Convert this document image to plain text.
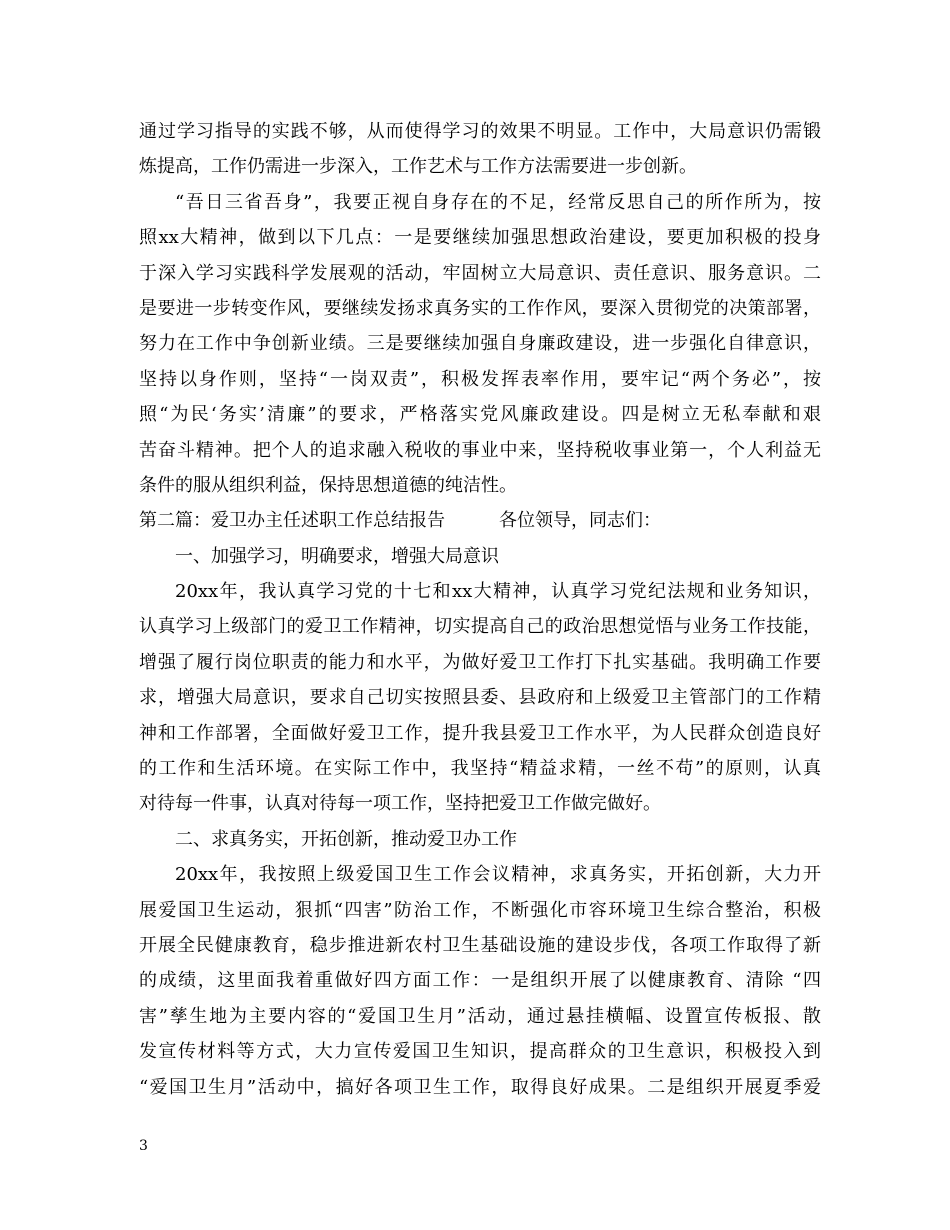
通过学习指导的实践不够，从而使得学习的效果不明显。工作中，大局意识仍需锻
炼提高，工作仍需进一步深入，工作艺术与工作方法需要进一步创新。
“吾日三省吾身”，我要正视自身存在的不足，经常反思自己的所作所为，按
照xx大精神，做到以下几点：一是要继续加强思想政治建设，要更加积极的投身
于深入学习实践科学发展观的活动，牢固树立大局意识、责任意识、服务意识。二
是要进一步转变作风，要继续发扬求真务实的工作作风，要深入贯彻党的决策部署，
努力在工作中争创新业绩。三是要继续加强自身廉政建设，进一步强化自律意识，
坚持以身作则，坚持“一岗双责”，积极发挥表率作用，要牢记“两个务必”，按
照“为民‘务实’清廉”的要求，严格落实党风廉政建设。四是树立无私奉献和艰
苦奋斗精神。把个人的追求融入税收的事业中来，坚持税收事业第一，个人利益无
条件的服从组织利益，保持思想道德的纯洁性。
第二篇：爱卫办主任述职工作总结报告　　　各位领导，同志们：
一、加强学习，明确要求，增强大局意识
20xx年，我认真学习党的十七和xx大精神，认真学习党纪法规和业务知识，
认真学习上级部门的爱卫工作精神，切实提高自己的政治思想觉悟与业务工作技能，
增强了履行岗位职责的能力和水平，为做好爱卫工作打下扎实基础。我明确工作要
求，增强大局意识，要求自己切实按照县委、县政府和上级爱卫主管部门的工作精
神和工作部署，全面做好爱卫工作，提升我县爱卫工作水平，为人民群众创造良好
的工作和生活环境。在实际工作中，我坚持“精益求精，一丝不苟”的原则，认真
对待每一件事，认真对待每一项工作，坚持把爱卫工作做完做好。
二、求真务实，开拓创新，推动爱卫办工作
20xx年，我按照上级爱国卫生工作会议精神，求真务实，开拓创新，大力开
展爱国卫生运动，狠抓“四害”防治工作，不断强化市容环境卫生综合整治，积极
开展全民健康教育，稳步推进新农村卫生基础设施的建设步伐，各项工作取得了新
的成绩，这里面我着重做好四方面工作：一是组织开展了以健康教育、清除 “四
害”孳生地为主要内容的“爱国卫生月”活动，通过悬挂横幅、设置宣传板报、散
发宣传材料等方式，大力宣传爱国卫生知识，提高群众的卫生意识，积极投入到
“爱国卫生月”活动中，搞好各项卫生工作，取得良好成果。二是组织开展夏季爱
3
